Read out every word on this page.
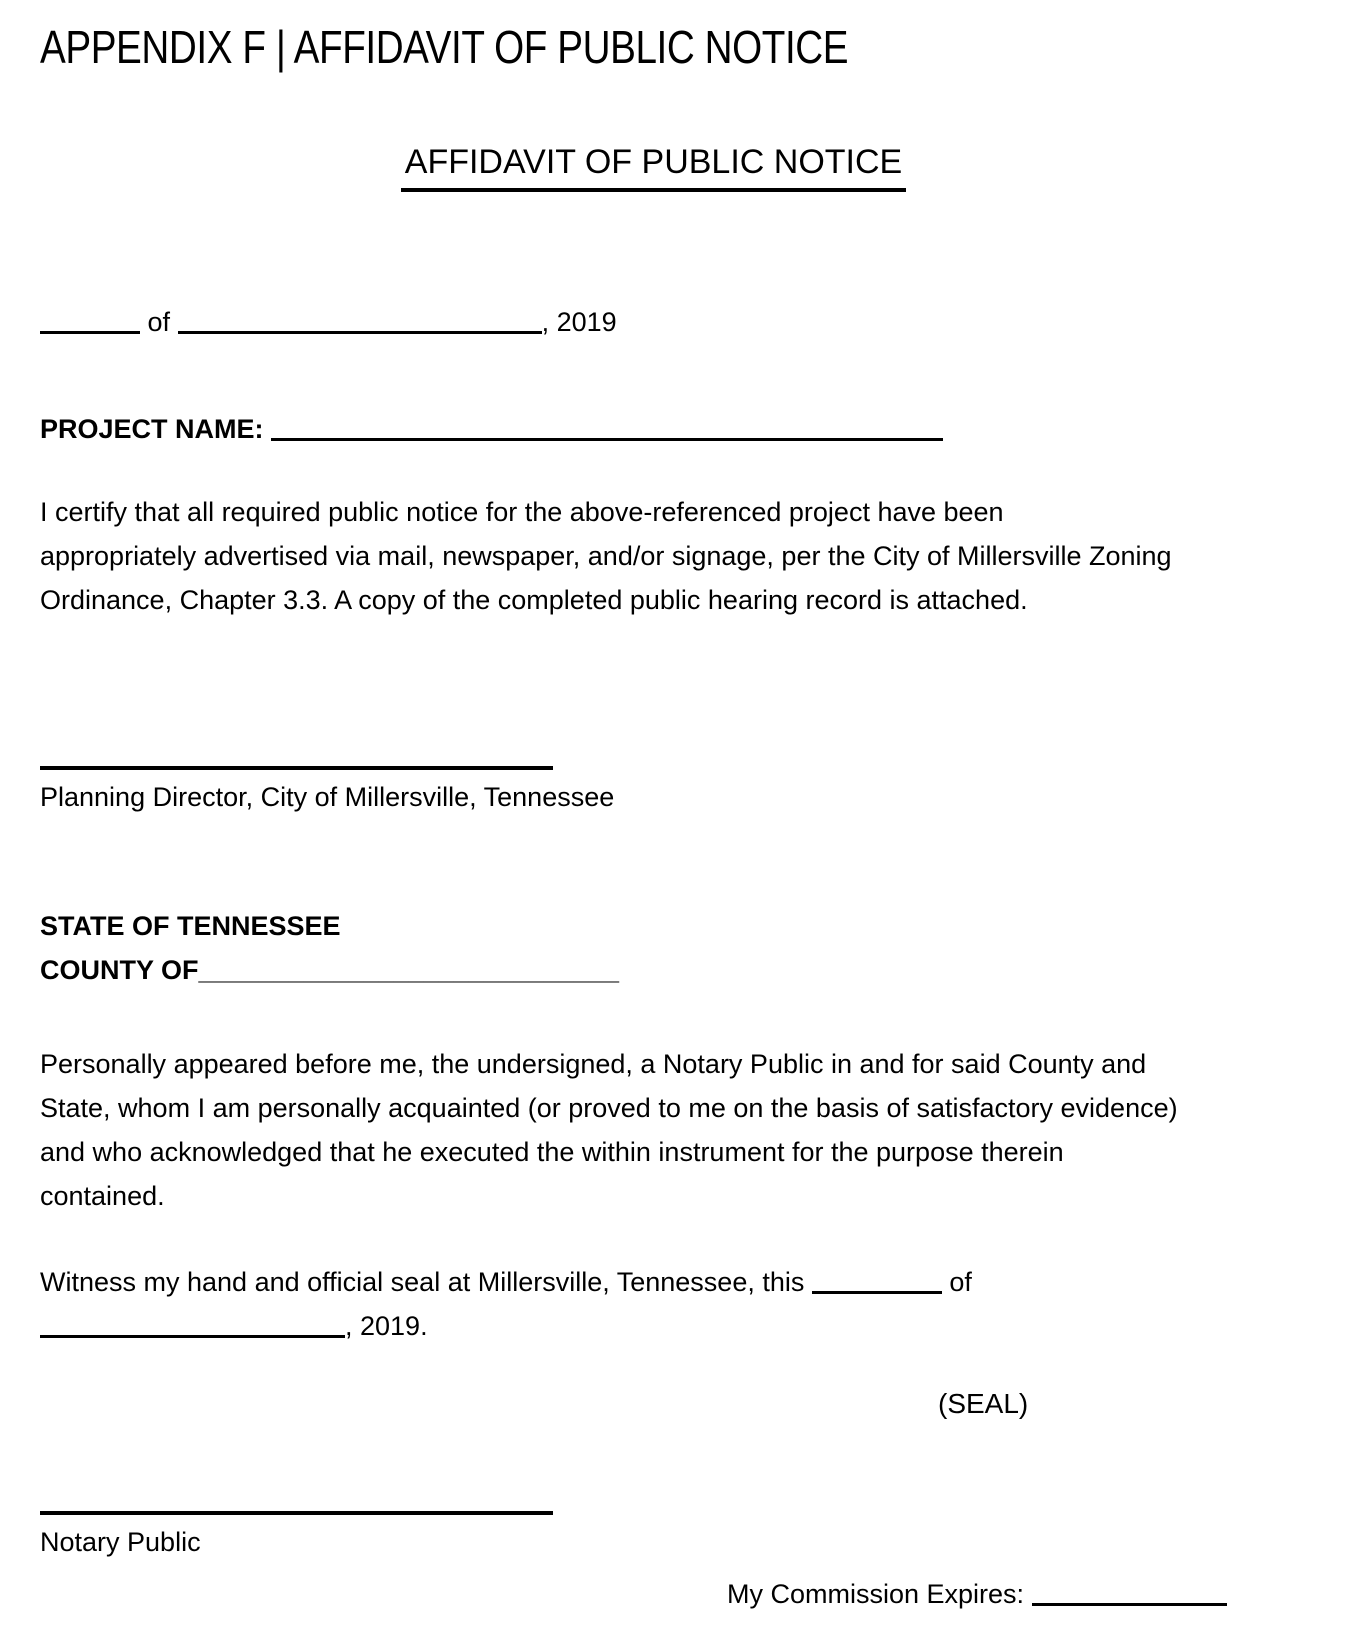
APPENDIX F | AFFIDAVIT OF PUBLIC NOTICE
AFFIDAVIT OF PUBLIC NOTICE
of	, 2019
PROJECT NAME:
I certify that all required public notice for the above-referenced project have been
appropriately advertised via mail, newspaper, and/or signage, per the City of Millersville Zoning
Ordinance, Chapter 3.3. A copy of the completed public hearing record is attached.
Planning Director, City of Millersville, Tennessee
STATE OF TENNESSEE
COUNTY OF____________________________
Personally appeared before me, the undersigned, a Notary Public in and for said County and
State, whom I am personally acquainted (or proved to me on the basis of satisfactory evidence)
and who acknowledged that he executed the within instrument for the purpose therein
contained.
Witness my hand and official seal at Millersville, Tennessee, this	of
, 2019.
(SEAL)
Notary Public
My Commission Expires:
